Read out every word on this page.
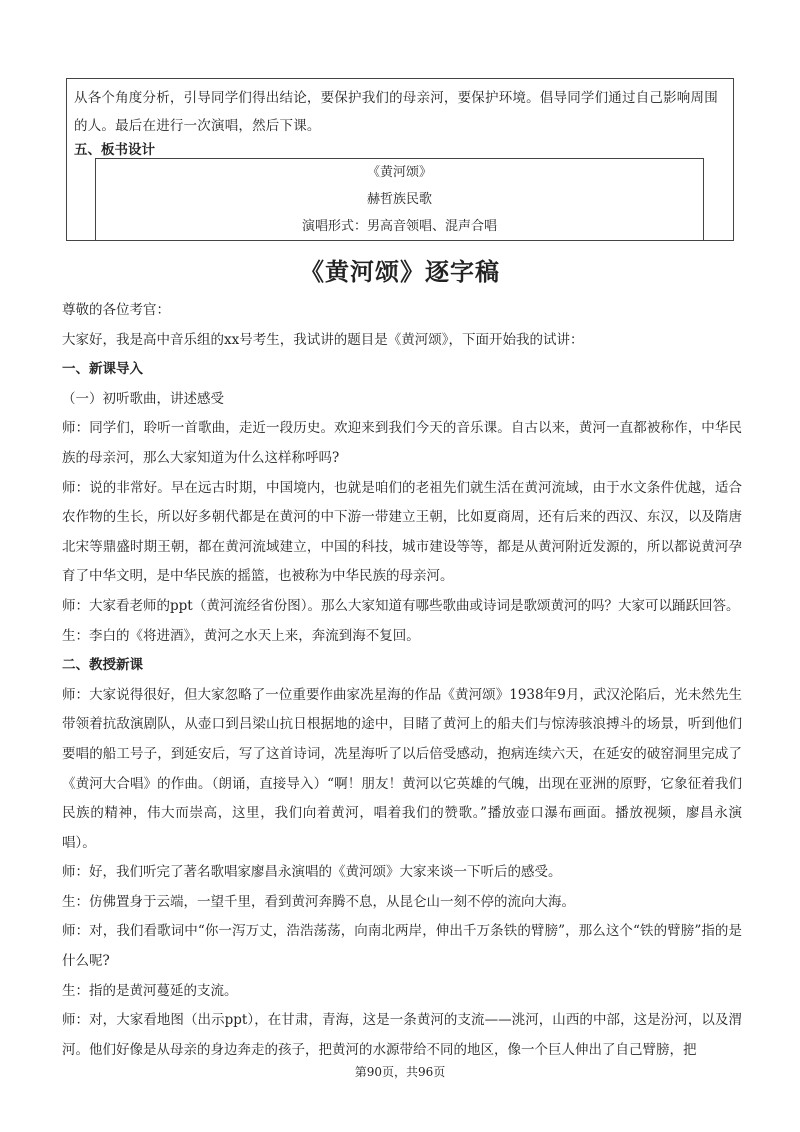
从各个角度分析，引导同学们得出结论，要保护我们的母亲河，要保护环境。倡导同学们通过自己影响周围的人。最后在进行一次演唱，然后下课。
五、板书设计
《黄河颂》
赫哲族民歌
演唱形式：男高音领唱、混声合唱
《黄河颂》逐字稿

尊敬的各位考官：

大家好，我是高中音乐组的xx号考生，我试讲的题目是《黄河颂》，下面开始我的试讲：

一、新课导入

（一）初听歌曲，讲述感受

师：同学们，聆听一首歌曲，走近一段历史。欢迎来到我们今天的音乐课。自古以来，黄河一直都被称作，中华民族的母亲河，那么大家知道为什么这样称呼吗?

师：说的非常好。早在远古时期，中国境内，也就是咱们的老祖先们就生活在黄河流域，由于水文条件优越，适合农作物的生长，所以好多朝代都是在黄河的中下游一带建立王朝，比如夏商周，还有后来的西汉、东汉，以及隋唐北宋等鼎盛时期王朝，都在黄河流域建立，中国的科技，城市建设等等，都是从黄河附近发源的，所以都说黄河孕育了中华文明，是中华民族的摇篮，也被称为中华民族的母亲河。

师：大家看老师的ppt（黄河流经省份图）。那么大家知道有哪些歌曲或诗词是歌颂黄河的吗？大家可以踊跃回答。

生：李白的《将进酒》，黄河之水天上来，奔流到海不复回。

二、教授新课

师：大家说得很好，但大家忽略了一位重要作曲家冼星海的作品《黄河颂》1938年9月，武汉沦陷后，光未然先生带领着抗敌演剧队，从壶口到吕梁山抗日根据地的途中，目睹了黄河上的船夫们与惊涛骇浪搏斗的场景，听到他们要唱的船工号子，到延安后，写了这首诗词，冼星海听了以后倍受感动，抱病连续六天，在延安的破窑洞里完成了《黄河大合唱》的作曲。（朗诵，直接导入）“啊！朋友！黄河以它英雄的气魄，出现在亚洲的原野，它象征着我们民族的精神，伟大而崇高，这里，我们向着黄河，唱着我们的赞歌。”播放壶口瀑布画面。播放视频，廖昌永演唱）。

师：好，我们听完了著名歌唱家廖昌永演唱的《黄河颂》大家来谈一下听后的感受。

生：仿佛置身于云端，一望千里，看到黄河奔腾不息，从昆仑山一刻不停的流向大海。

师：对，我们看歌词中“你一泻万丈，浩浩荡荡，向南北两岸，伸出千万条铁的臂膀”，那么这个“铁的臂膀”指的是什么呢?

生：指的是黄河蔓延的支流。

师：对，大家看地图（出示ppt），在甘肃，青海，这是一条黄河的支流——洮河，山西的中部，这是汾河，以及渭河。他们好像是从母亲的身边奔走的孩子，把黄河的水源带给不同的地区，像一个巨人伸出了自己臂膀，把

第90页，共96页
